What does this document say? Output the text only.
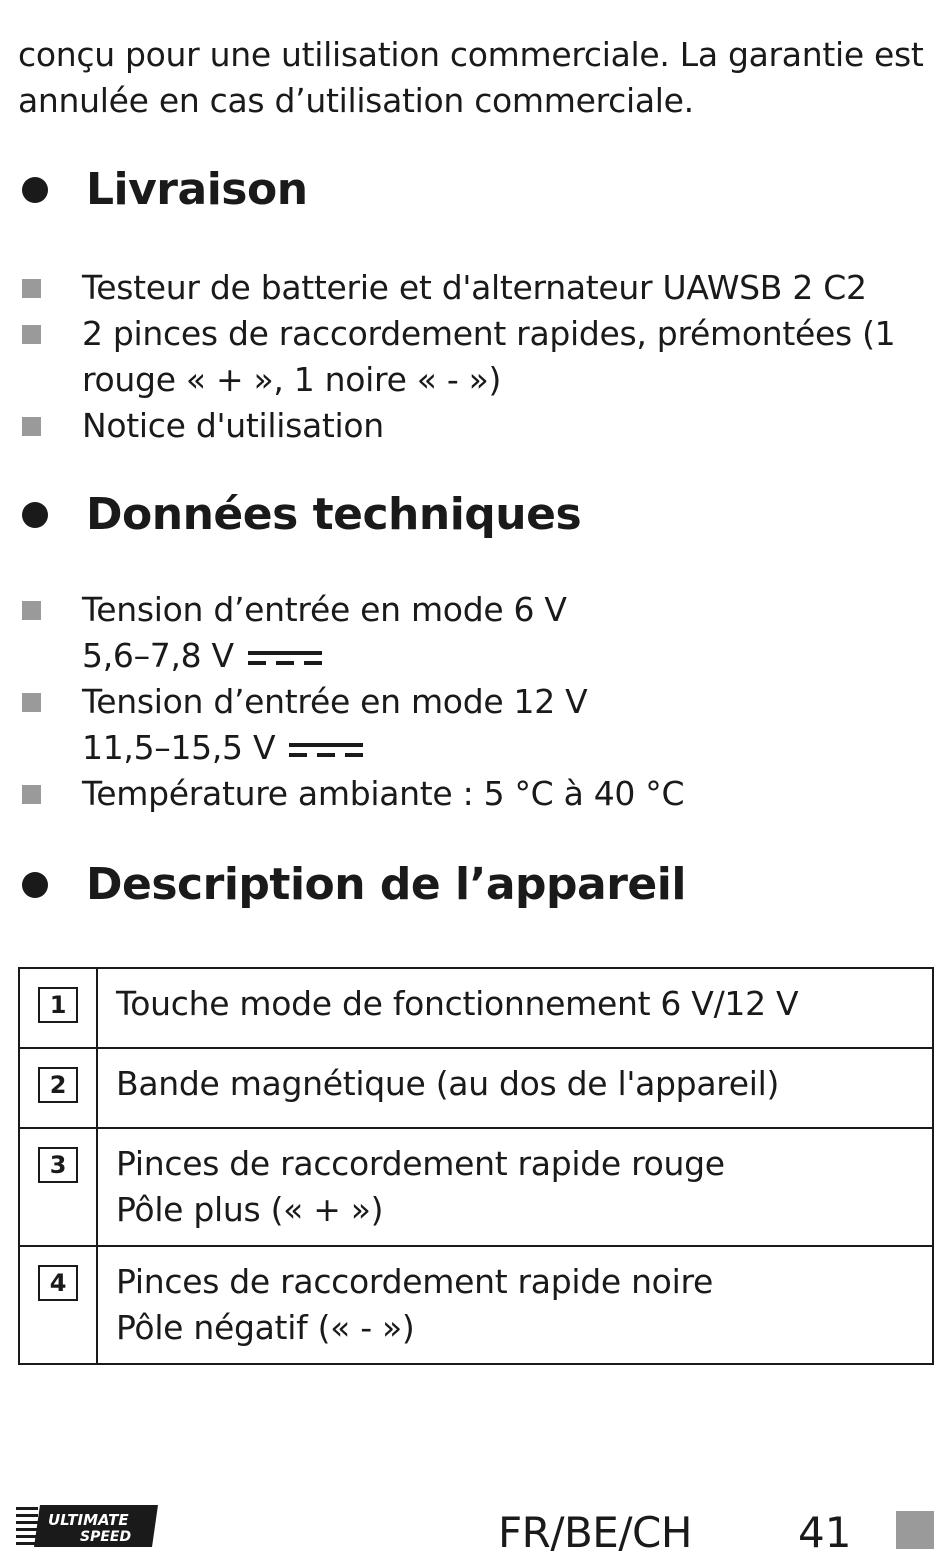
conçu pour une utilisation commerciale. La garantie est
annulée en cas d’utilisation commerciale.

Livraison
Testeur de batterie et d'alternateur UAWSB 2 C2
2 pinces de raccordement rapides, prémontées (1
rouge « + », 1 noire « - »)
Notice d'utilisation
Données techniques
Tension d’entrée en mode 6 V
5,6–7,8 V
Tension d’entrée en mode 12 V
11,5–15,5 V
Température ambiante : 5 °C à 40 °C
Description de l’appareil
1	Touche mode de fonctionnement 6 V/12 V
2	Bande magnétique (au dos de l'appareil)
3	Pinces de raccordement rapide rouge
Pôle plus (« + »)
4	Pinces de raccordement rapide noire
Pôle négatif (« - »)
ULTIMATE
SPEED	FR/BE/CH	41
